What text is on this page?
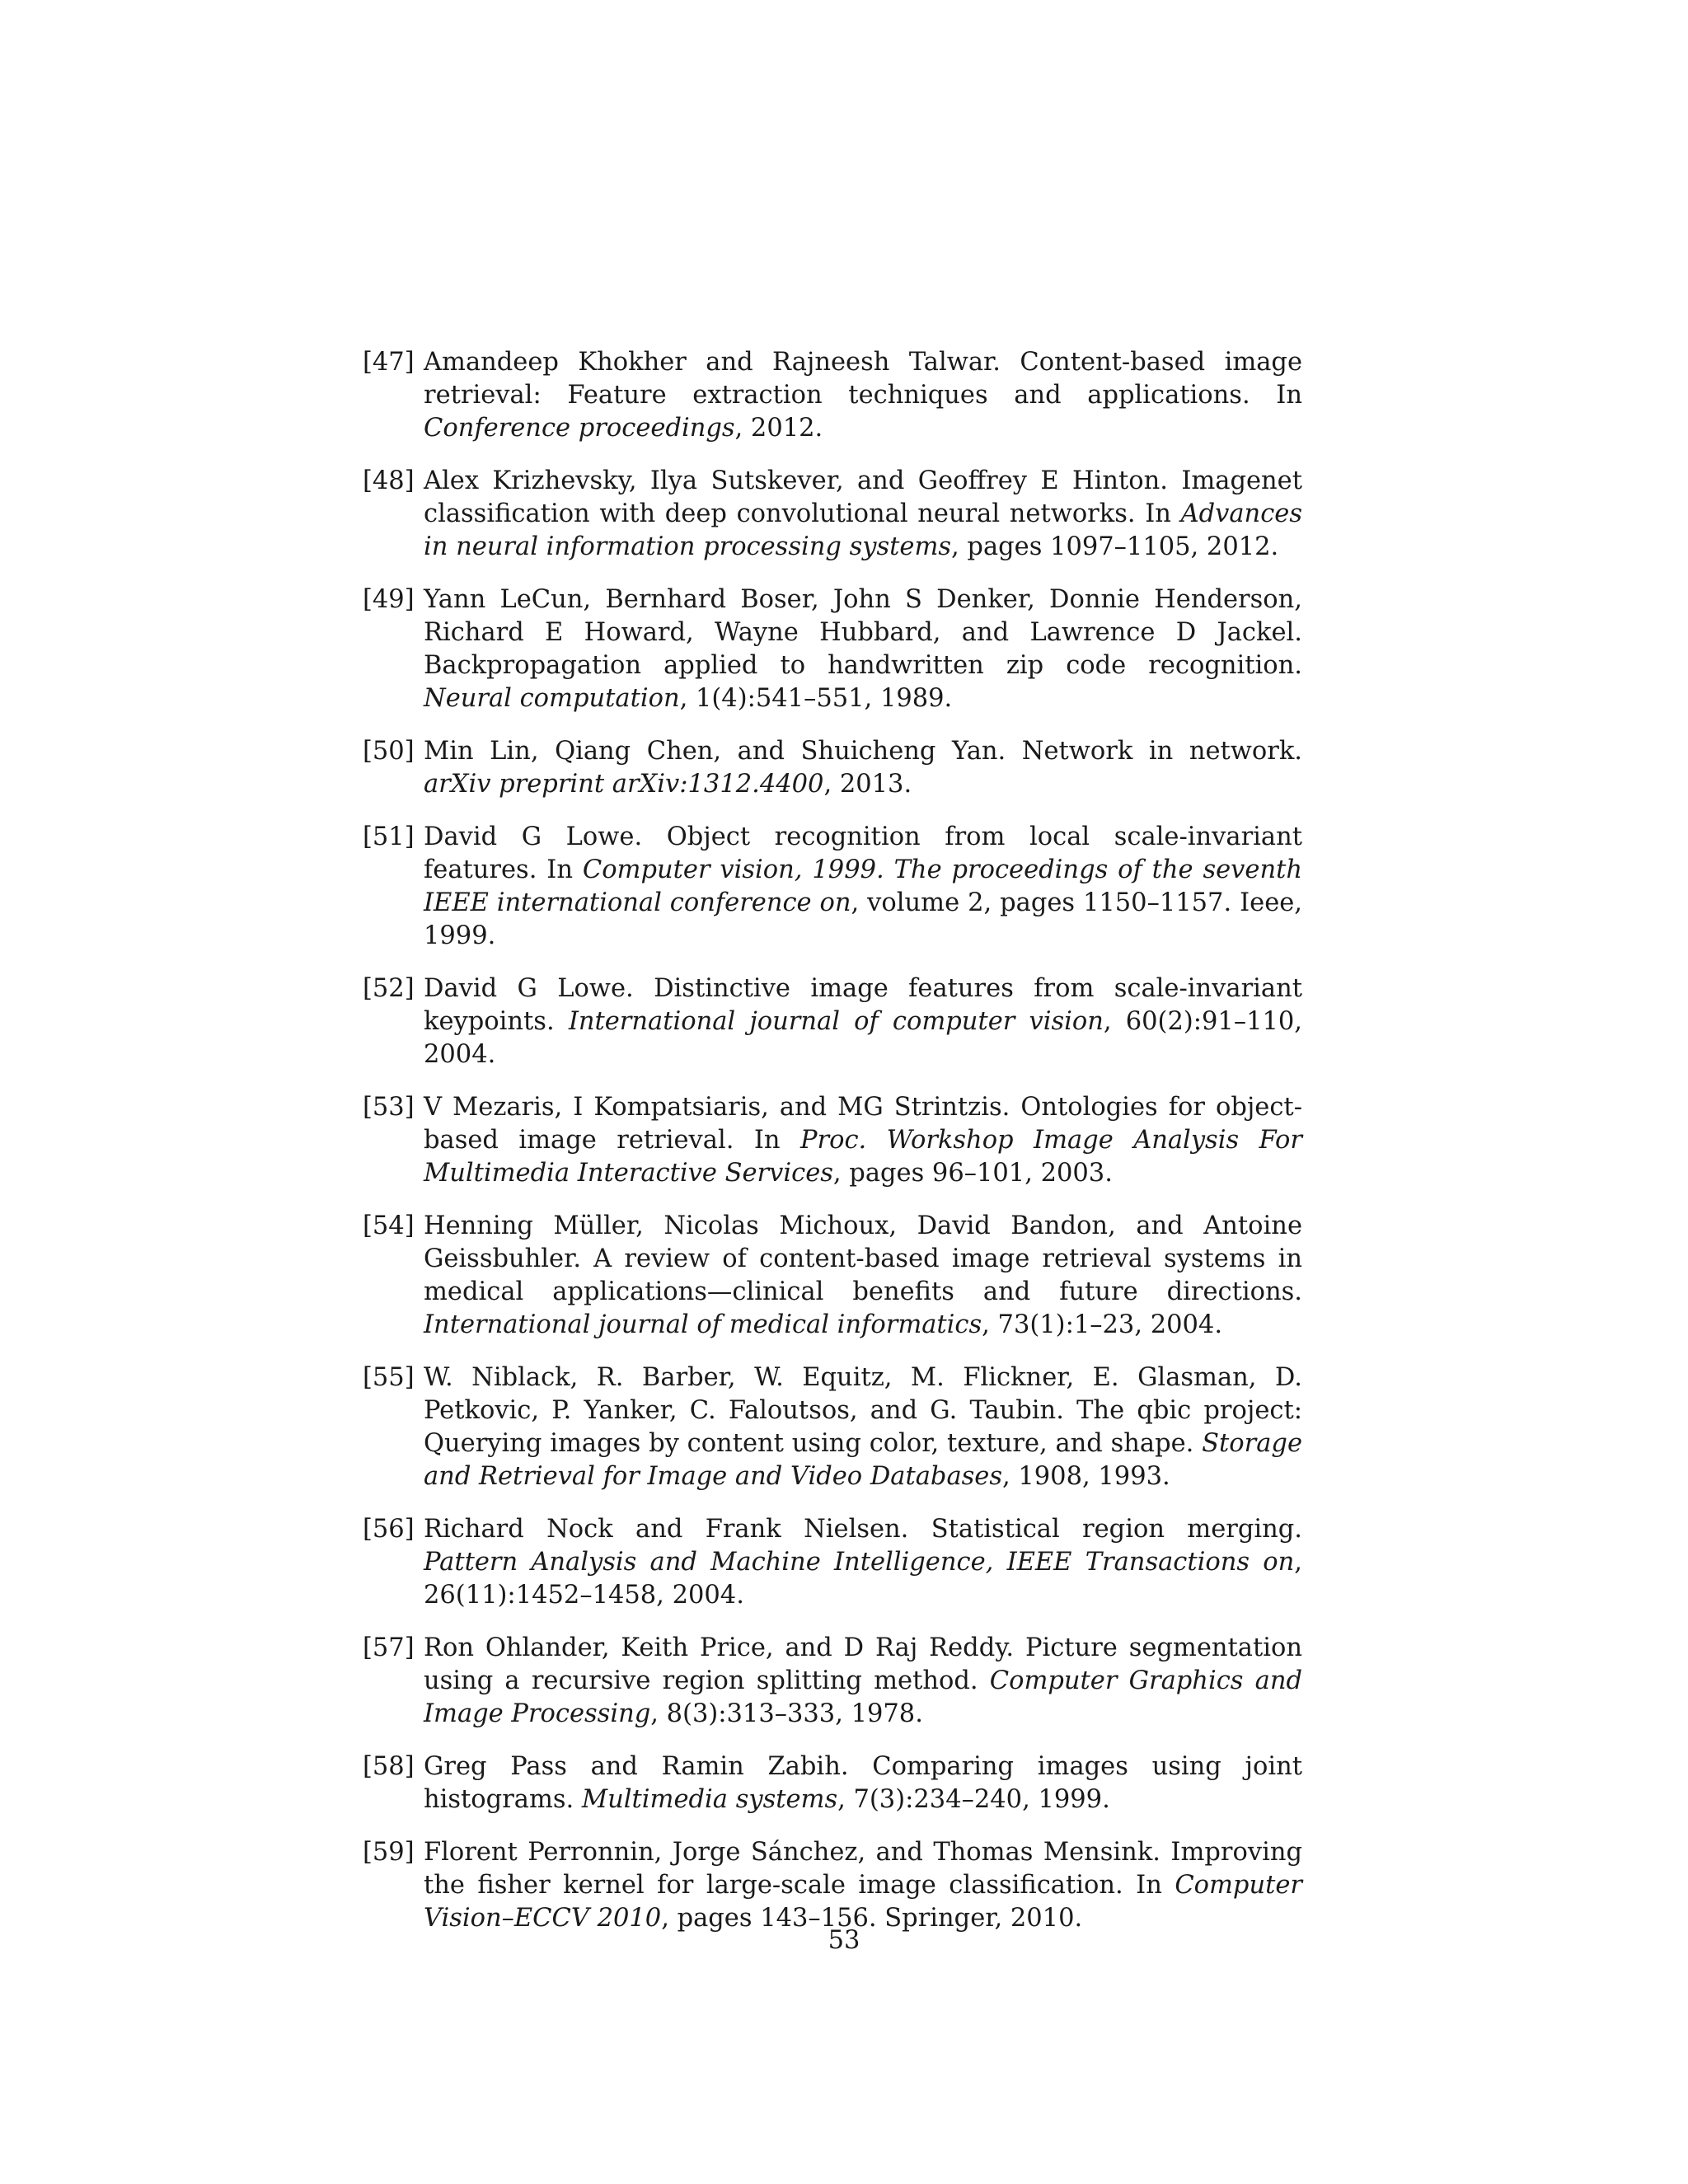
[47] Amandeep Khokher and Rajneesh Talwar. Content-based image retrieval: Feature extraction techniques and applications. In Conference proceedings, 2012.
[48] Alex Krizhevsky, Ilya Sutskever, and Geoffrey E Hinton. Imagenet classification with deep convolutional neural networks. In Advances in neural information processing systems, pages 1097–1105, 2012.
[49] Yann LeCun, Bernhard Boser, John S Denker, Donnie Henderson, Richard E Howard, Wayne Hubbard, and Lawrence D Jackel. Backpropagation applied to handwritten zip code recognition. Neural computation, 1(4):541–551, 1989.
[50] Min Lin, Qiang Chen, and Shuicheng Yan. Network in network. arXiv preprint arXiv:1312.4400, 2013.
[51] David G Lowe. Object recognition from local scale-invariant features. In Computer vision, 1999. The proceedings of the seventh IEEE international conference on, volume 2, pages 1150–1157. Ieee, 1999.
[52] David G Lowe. Distinctive image features from scale-invariant keypoints. International journal of computer vision, 60(2):91–110, 2004.
[53] V Mezaris, I Kompatsiaris, and MG Strintzis. Ontologies for object-based image retrieval. In Proc. Workshop Image Analysis For Multimedia Interactive Services, pages 96–101, 2003.
[54] Henning Müller, Nicolas Michoux, David Bandon, and Antoine Geissbuhler. A review of content-based image retrieval systems in medical applications—clinical benefits and future directions. International journal of medical informatics, 73(1):1–23, 2004.
[55] W. Niblack, R. Barber, W. Equitz, M. Flickner, E. Glasman, D. Petkovic, P. Yanker, C. Faloutsos, and G. Taubin. The qbic project: Querying images by content using color, texture, and shape. Storage and Retrieval for Image and Video Databases, 1908, 1993.
[56] Richard Nock and Frank Nielsen. Statistical region merging. Pattern Analysis and Machine Intelligence, IEEE Transactions on, 26(11):1452–1458, 2004.
[57] Ron Ohlander, Keith Price, and D Raj Reddy. Picture segmentation using a recursive region splitting method. Computer Graphics and Image Processing, 8(3):313–333, 1978.
[58] Greg Pass and Ramin Zabih. Comparing images using joint histograms. Multimedia systems, 7(3):234–240, 1999.
[59] Florent Perronnin, Jorge Sánchez, and Thomas Mensink. Improving the fisher kernel for large-scale image classification. In Computer Vision–ECCV 2010, pages 143–156. Springer, 2010.
53
